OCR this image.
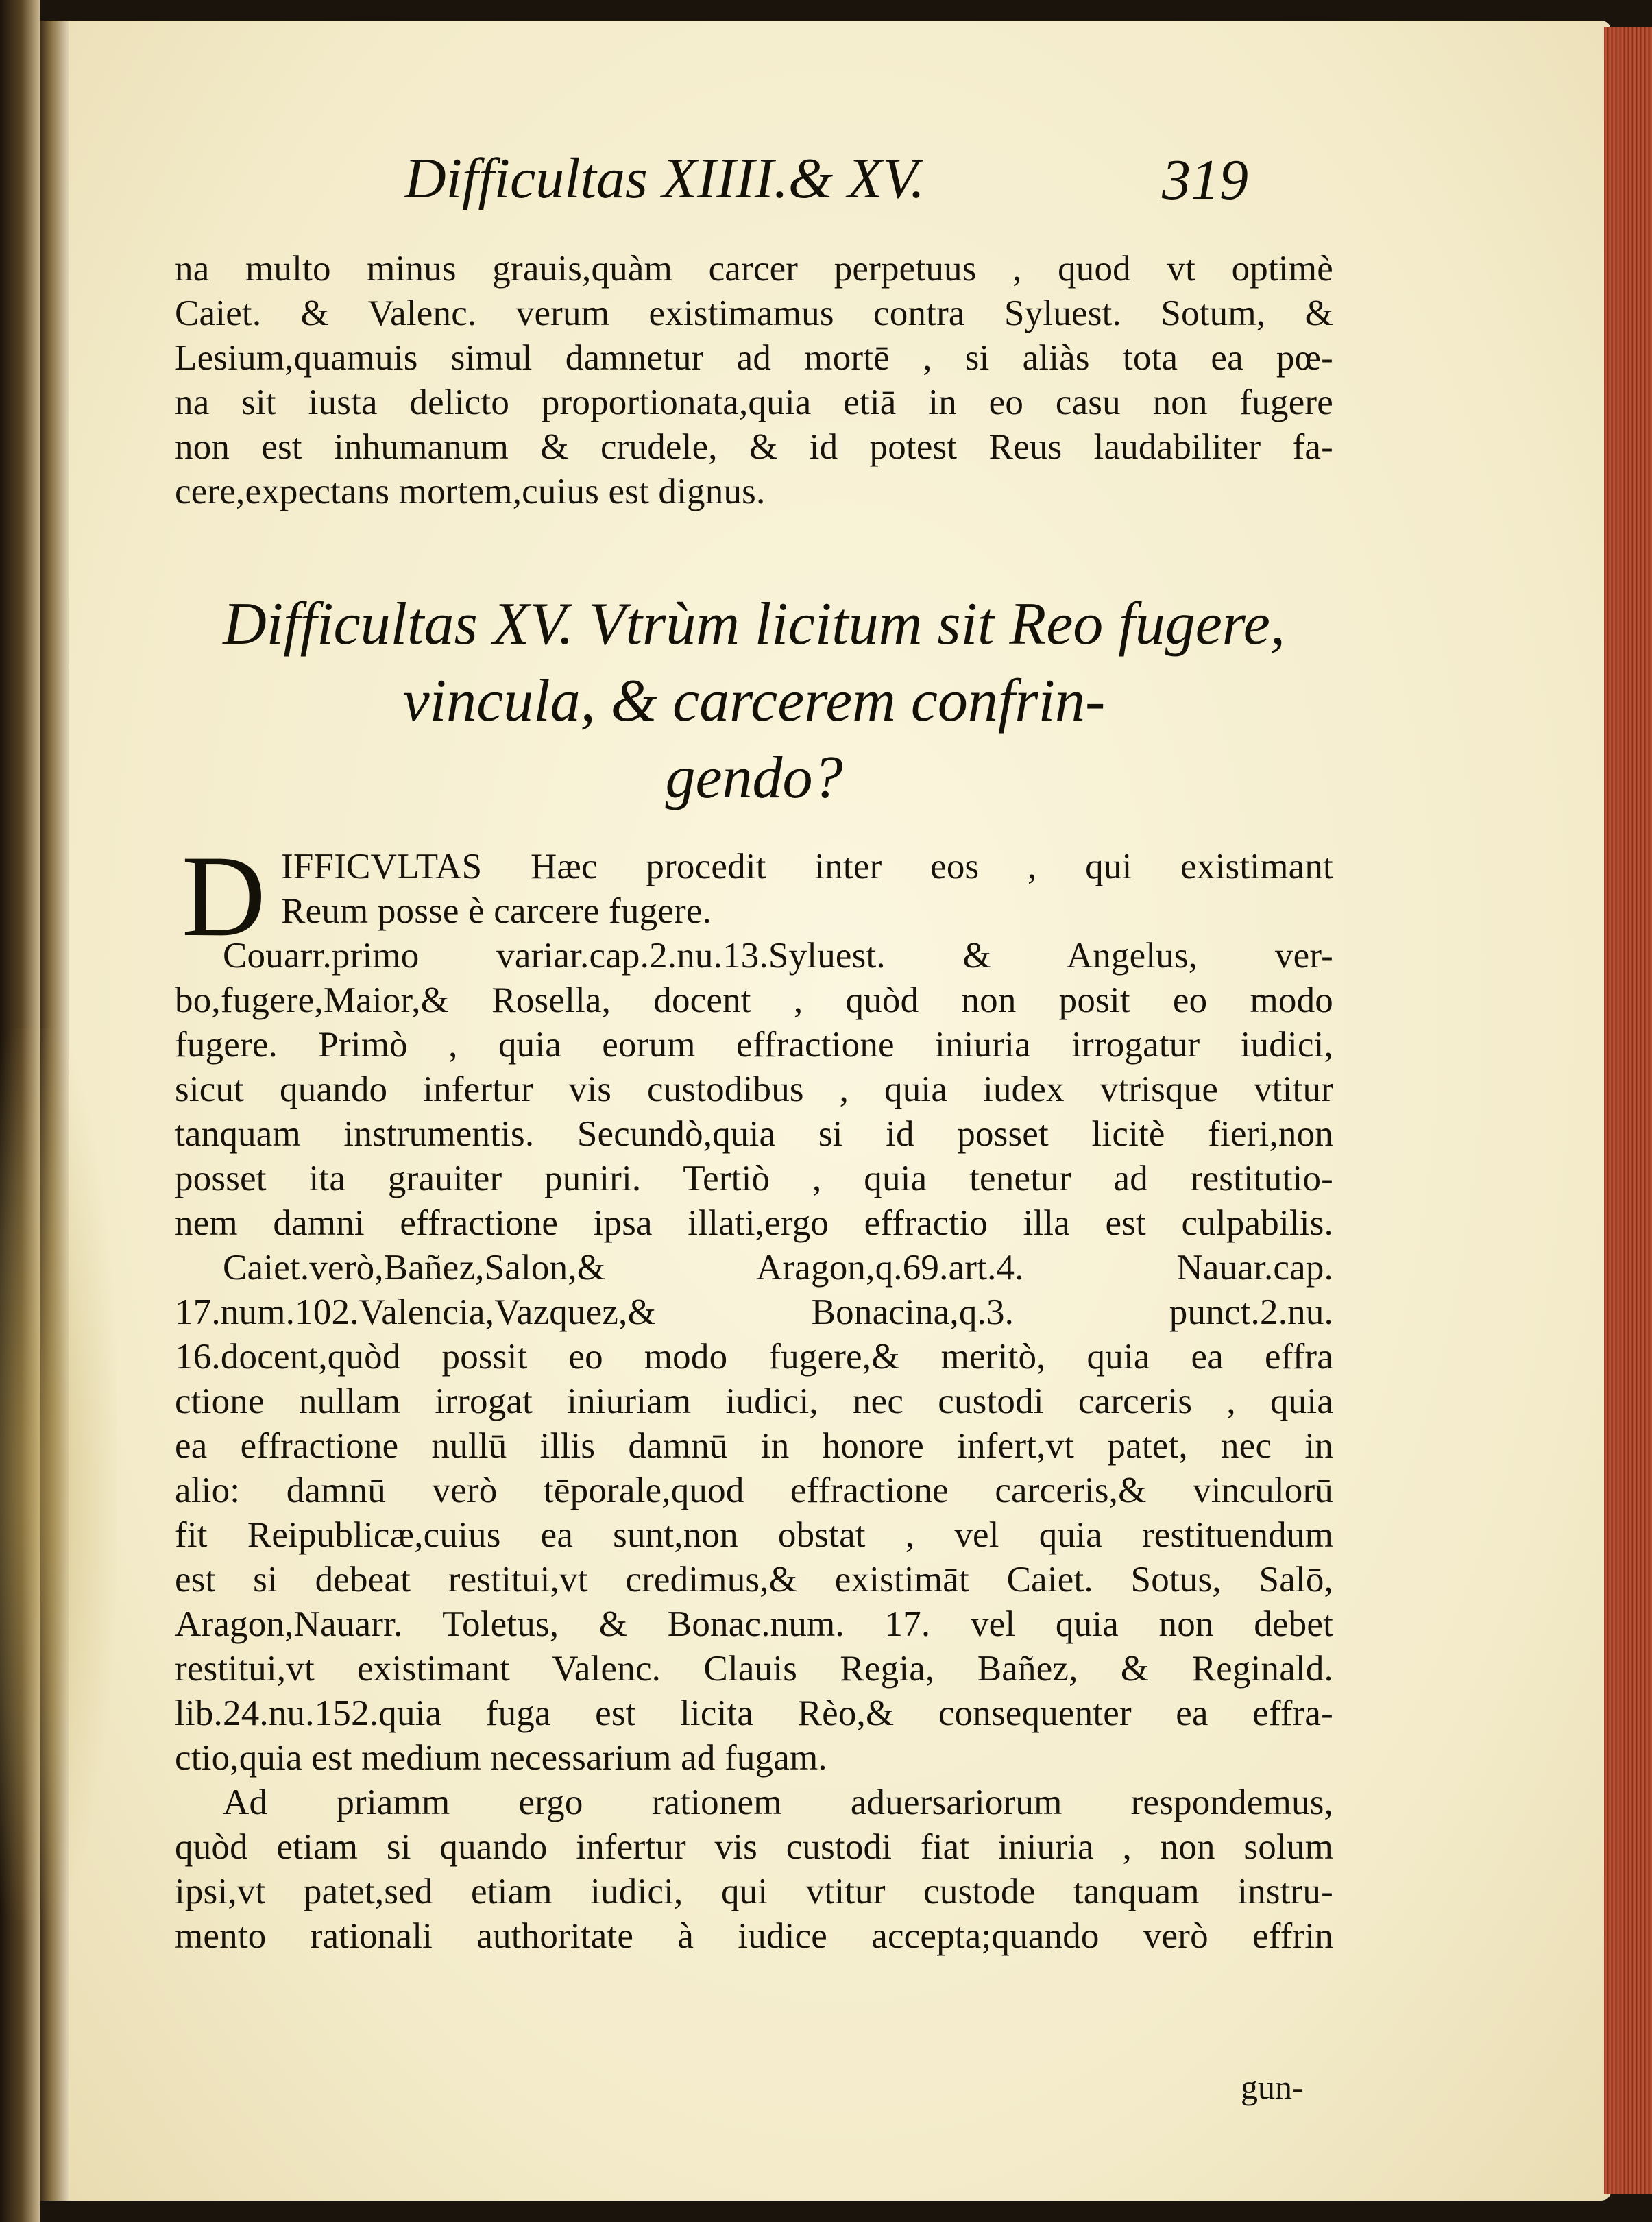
Difficultas XIIII.& XV.	319
na multo minus grauis,quàm carcer perpetuus , quod vt optimè
Caiet. & Valenc. verum existimamus contra Syluest. Sotum, &
Lesium,quamuis simul damnetur ad mortē , si aliàs tota ea pœ-
na sit iusta delicto proportionata,quia etiā in eo casu non fugere
non est inhumanum & crudele, & id potest Reus laudabiliter fa-
cere,expectans mortem,cuius est dignus.
Difficultas XV. Vtrùm licitum sit Reo fugere,
vincula, & carcerem confrin-
gendo?
D IFFICVLTAS Hæc procedit inter eos , qui existimant
Reum posse è carcere fugere.
Couarr.primo variar.cap.2.nu.13.Syluest. & Angelus, ver-
bo,fugere,Maior,& Rosella, docent , quòd non posit eo modo
fugere. Primò , quia eorum effractione iniuria irrogatur iudici,
sicut quando infertur vis custodibus , quia iudex vtrisque vtitur
tanquam instrumentis. Secundò,quia si id posset licitè fieri,non
posset ita grauiter puniri. Tertiò , quia tenetur ad restitutio-
nem damni effractione ipsa illati,ergo effractio illa est culpabilis.
Caiet.verò,Bañez,Salon,& Aragon,q.69.art.4. Nauar.cap.
17.num.102.Valencia,Vazquez,& Bonacina,q.3. punct.2.nu.
16.docent,quòd possit eo modo fugere,& meritò, quia ea effra
ctione nullam irrogat iniuriam iudici, nec custodi carceris , quia
ea effractione nullū illis damnū in honore infert,vt patet, nec in
alio: damnū verò tēporale,quod effractione carceris,& vinculorū
fit Reipublicæ,cuius ea sunt,non obstat , vel quia restituendum
est si debeat restitui,vt credimus,& existimāt Caiet. Sotus, Salō,
Aragon,Nauarr. Toletus, & Bonac.num. 17. vel quia non debet
restitui,vt existimant Valenc. Clauis Regia, Bañez, & Reginald.
lib.24.nu.152.quia fuga est licita Rèo,& consequenter ea effra-
ctio,quia est medium necessarium ad fugam.
Ad priamm ergo rationem aduersariorum respondemus,
quòd etiam si quando infertur vis custodi fiat iniuria , non solum
ipsi,vt patet,sed etiam iudici, qui vtitur custode tanquam instru-
mento rationali authoritate à iudice accepta;quando verò effrin
gun-
